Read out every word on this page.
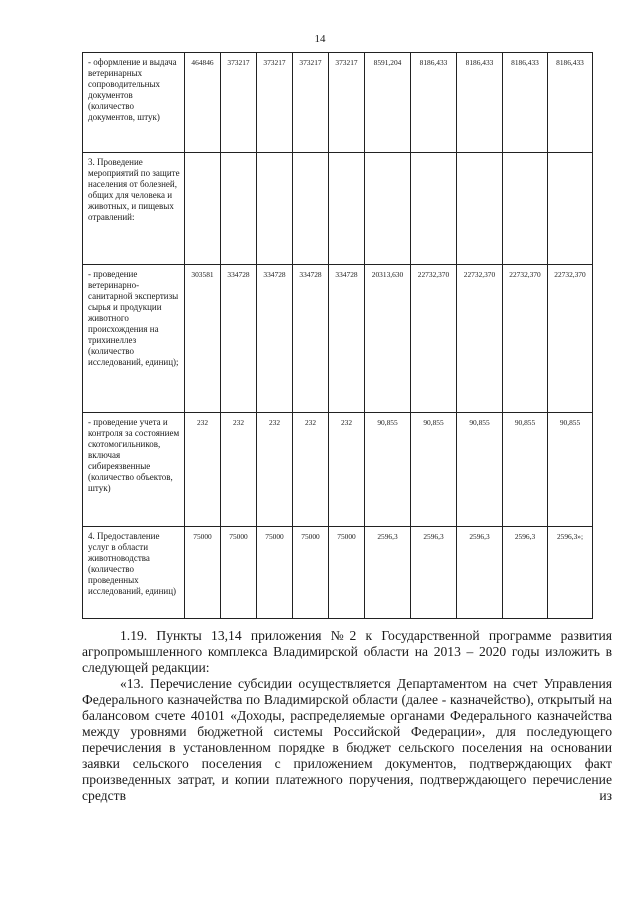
14
- оформление и выдача ветеринарных сопроводительных документов (количество документов, штук)	464846	373217	373217	373217	373217	8591,204	8186,433	8186,433	8186,433	8186,433
3. Проведение мероприятий по защите населения от болезней, общих для человека и животных, и пищевых отравлений:										
- проведение ветеринарно-санитарной экспертизы сырья и продукции животного происхождения на трихинеллез (количество исследований, единиц);	303581	334728	334728	334728	334728	20313,630	22732,370	22732,370	22732,370	22732,370
- проведение учета и контроля за состоянием скотомогильников, включая сибиреязвенные (количество объектов, штук)	232	232	232	232	232	90,855	90,855	90,855	90,855	90,855
4. Предоставление услуг в области животноводства (количество проведенных исследований, единиц)	75000	75000	75000	75000	75000	2596,3	2596,3	2596,3	2596,3	2596,3»;

1.19. Пункты 13,14 приложения №2 к Государственной программе развития агропромышленного комплекса Владимирской области на 2013 – 2020 годы изложить в следующей редакции:

«13. Перечисление субсидии осуществляется Департаментом на счет Управления Федерального казначейства по Владимирской области (далее - казначейство), открытый на балансовом счете 40101 «Доходы, распределяемые органами Федерального казначейства между уровнями бюджетной системы Российской Федерации», для последующего перечисления в установленном порядке в бюджет сельского поселения на основании заявки сельского поселения с приложением документов, подтверждающих факт произведенных затрат, и копии платежного поручения, подтверждающего перечисление средств из
